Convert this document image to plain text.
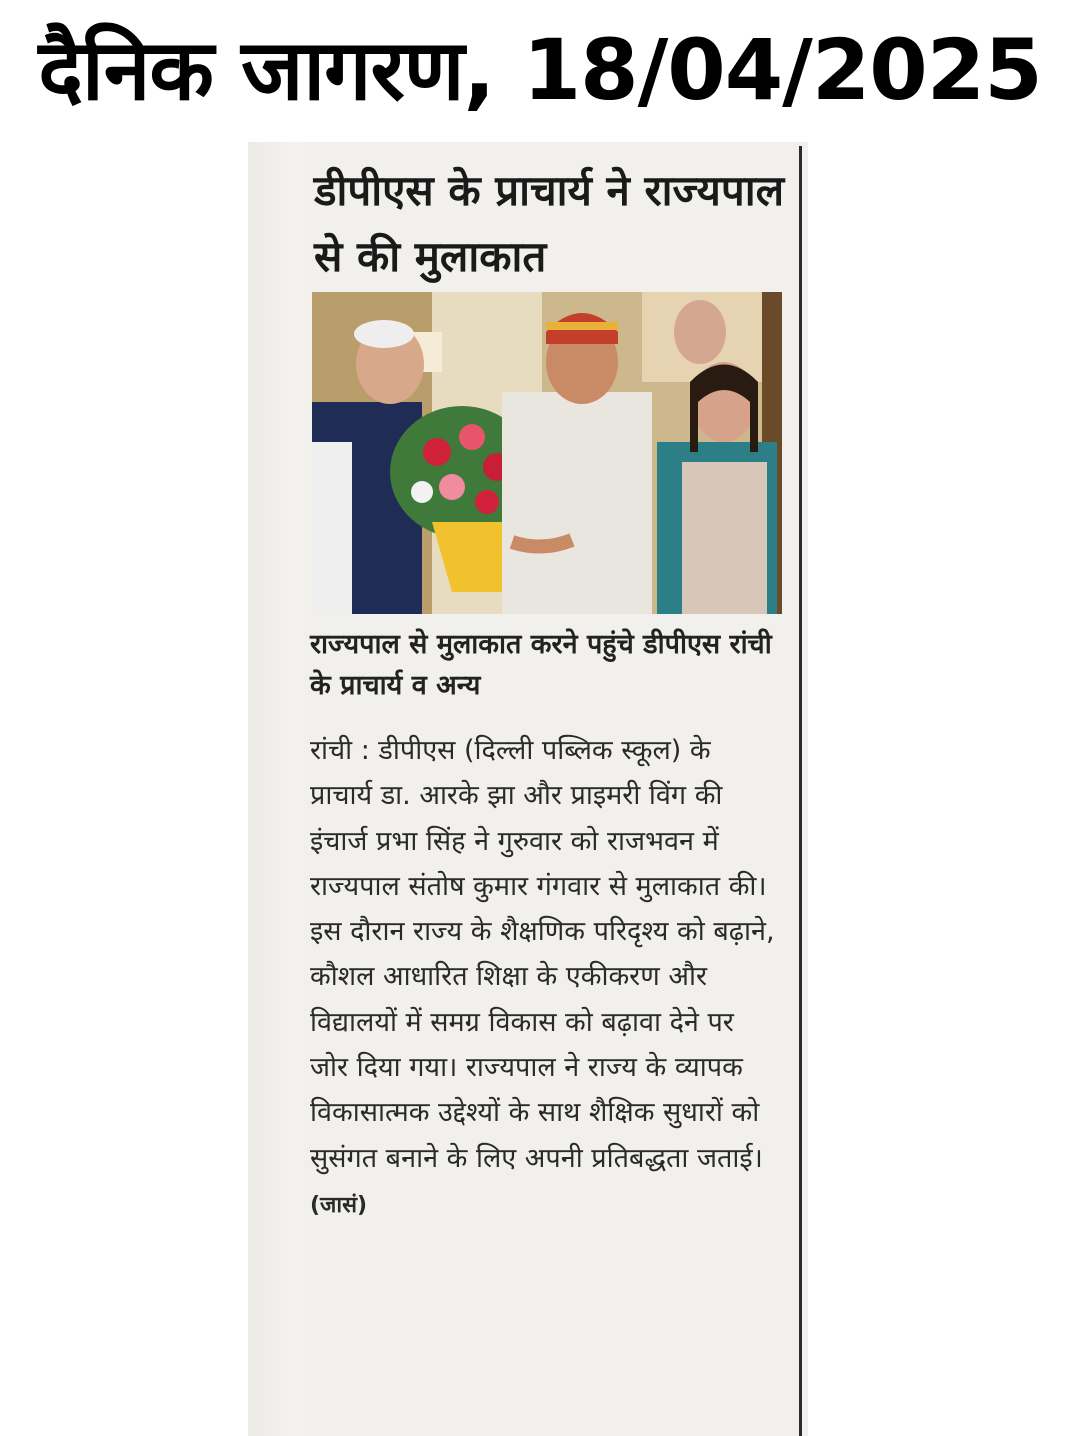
दैनिक जागरण, 18/04/2025
डीपीएस के प्राचार्य ने राज्यपाल से की मुलाकात

राज्यपाल से मुलाकात करने पहुंचे डीपीएस रांची के प्राचार्य व अन्य

रांची : डीपीएस (दिल्ली पब्लिक स्कूल) के प्राचार्य डा. आरके झा और प्राइमरी विंग की इंचार्ज प्रभा सिंह ने गुरुवार को राजभवन में राज्यपाल संतोष कुमार गंगवार से मुलाकात की। इस दौरान राज्य के शैक्षणिक परिदृश्य को बढ़ाने, कौशल आधारित शिक्षा के एकीकरण और विद्यालयों में समग्र विकास को बढ़ावा देने पर जोर दिया गया। राज्यपाल ने राज्य के व्यापक विकासात्मक उद्देश्यों के साथ शैक्षिक सुधारों को सुसंगत बनाने के लिए अपनी प्रतिबद्धता जताई। (जासं)
